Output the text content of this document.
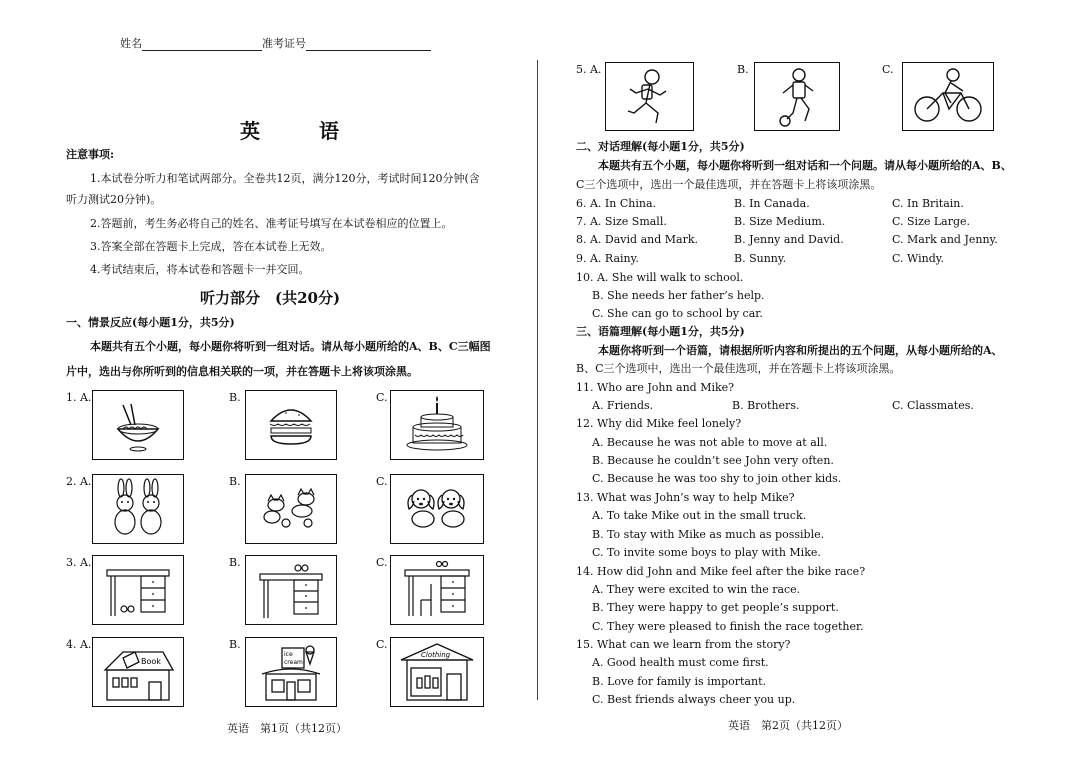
姓名	准考证号
英 语
注意事项:
1.本试卷分听力和笔试两部分。全卷共12页，满分120分，考试时间120分钟(含
听力测试20分钟)。
2.答题前，考生务必将自己的姓名、准考证号填写在本试卷相应的位置上。
3.答案全部在答题卡上完成，答在本试卷上无效。
4.考试结束后，将本试卷和答题卡一并交回。
听力部分　(共20分)
一、情景反应(每小题1分，共5分)
本题共有五个小题，每小题你将听到一组对话。请从每小题所给的A、B、C三幅图
片中，选出与你所听到的信息相关联的一项，并在答题卡上将该项涂黑。
1. A.	B.	C.
2. A.	B.	C.
3. A.	B.	C.
4. A.	B.	C.
Book
ice
cream
Clothing
英语　第1页（共12页）
5. A.	B.	C.
二、对话理解(每小题1分，共5分)
本题共有五个小题，每小题你将听到一组对话和一个问题。请从每小题所给的A、B、
C三个选项中，选出一个最佳选项，并在答题卡上将该项涂黑。
6. A. In China.	B. In Canada.	C. In Britain.
7. A. Size Small.	B. Size Medium.	C. Size Large.
8. A. David and Mark.	B. Jenny and David.	C. Mark and Jenny.
9. A. Rainy.	B. Sunny.	C. Windy.
10. A. She will walk to school.
B. She needs her father’s help.
C. She can go to school by car.
三、语篇理解(每小题1分，共5分)
本题你将听到一个语篇，请根据所听内容和所提出的五个问题，从每小题所给的A、
B、C三个选项中，选出一个最佳选项，并在答题卡上将该项涂黑。
11. Who are John and Mike?
A. Friends.	B. Brothers.	C. Classmates.
12. Why did Mike feel lonely?
A. Because he was not able to move at all.
B. Because he couldn’t see John very often.
C. Because he was too shy to join other kids.
13. What was John’s way to help Mike?
A. To take Mike out in the small truck.
B. To stay with Mike as much as possible.
C. To invite some boys to play with Mike.
14. How did John and Mike feel after the bike race?
A. They were excited to win the race.
B. They were happy to get people’s support.
C. They were pleased to finish the race together.
15. What can we learn from the story?
A. Good health must come first.
B. Love for family is important.
C. Best friends always cheer you up.
英语　第2页（共12页）
